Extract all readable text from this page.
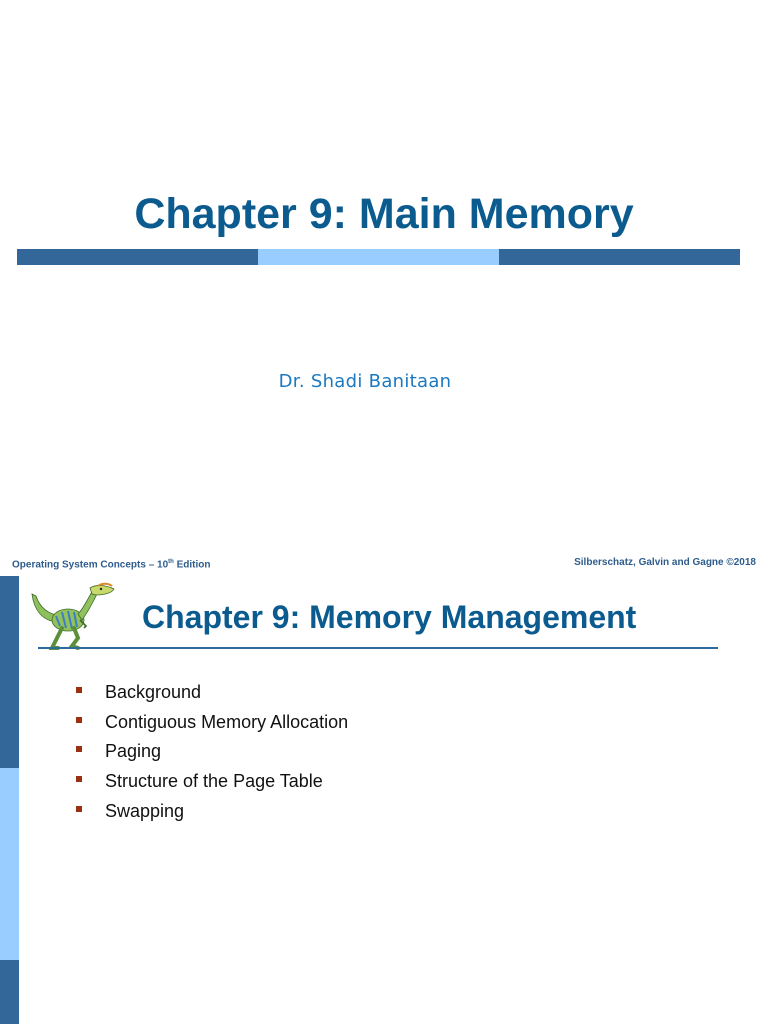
Chapter 9: Main Memory
Dr. Shadi Banitaan
Operating System Concepts – 10th Edition	Silberschatz, Galvin and Gagne ©2018
Chapter 9: Memory Management
Background
Contiguous Memory Allocation
Paging
Structure of the Page Table
Swapping
